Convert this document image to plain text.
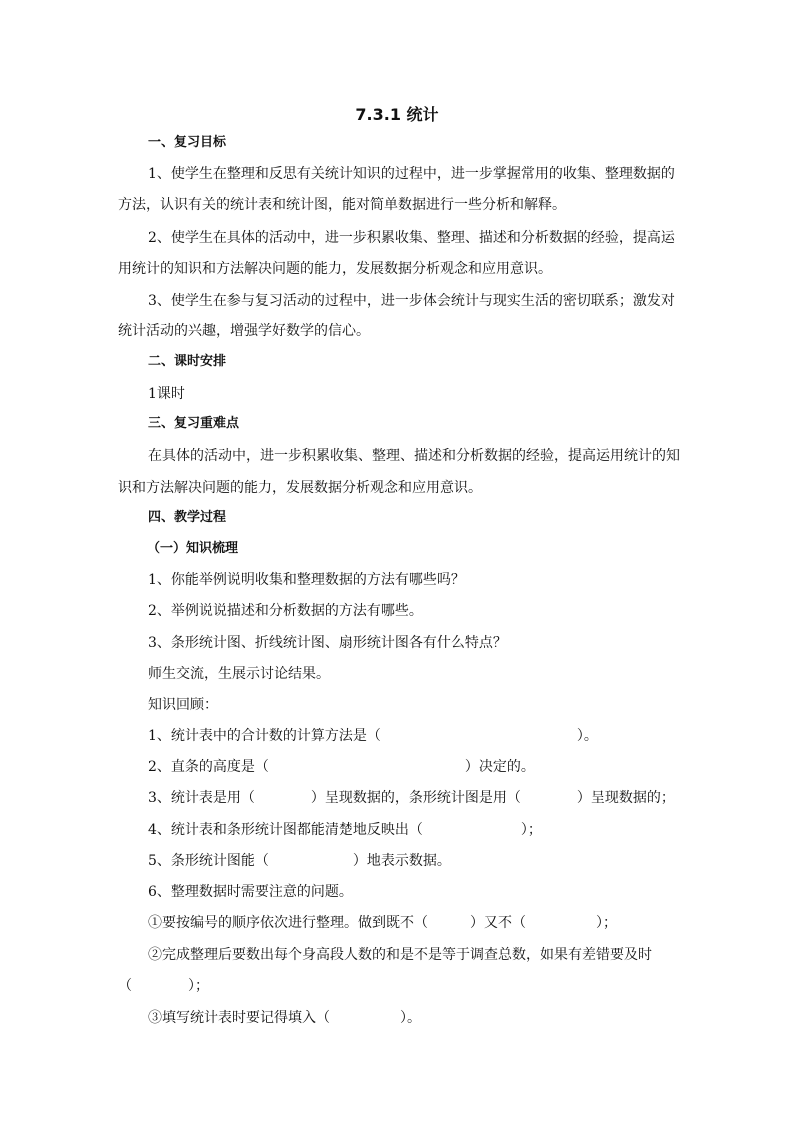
7.3.1 统计
一、复习目标
1、使学生在整理和反思有关统计知识的过程中，进一步掌握常用的收集、整理数据的
方法，认识有关的统计表和统计图，能对简单数据进行一些分析和解释。
2、使学生在具体的活动中，进一步积累收集、整理、描述和分析数据的经验，提高运
用统计的知识和方法解决问题的能力，发展数据分析观念和应用意识。
3、使学生在参与复习活动的过程中，进一步体会统计与现实生活的密切联系；激发对
统计活动的兴趣，增强学好数学的信心。
二、课时安排
1课时
三、复习重难点
在具体的活动中，进一步积累收集、整理、描述和分析数据的经验，提高运用统计的知
识和方法解决问题的能力，发展数据分析观念和应用意识。
四、教学过程
（一）知识梳理
1、你能举例说明收集和整理数据的方法有哪些吗？
2、举例说说描述和分析数据的方法有哪些。
3、条形统计图、折线统计图、扇形统计图各有什么特点？
师生交流，生展示讨论结果。
知识回顾：
1、统计表中的合计数的计算方法是（　　　　　　　　　　　　　　）。
2、直条的高度是（　　　　　　　　　　　　　　）决定的。
3、统计表是用（　　　　）呈现数据的，条形统计图是用（　　　　）呈现数据的；
4、统计表和条形统计图都能清楚地反映出（　　　　　　　）；
5、条形统计图能（　　　　　　）地表示数据。
6、整理数据时需要注意的问题。
①要按编号的顺序依次进行整理。做到既不（　　　）又不（　　　　　）；
②完成整理后要数出每个身高段人数的和是不是等于调查总数，如果有差错要及时
（　　　　）；
③填写统计表时要记得填入（　　　　　）。
